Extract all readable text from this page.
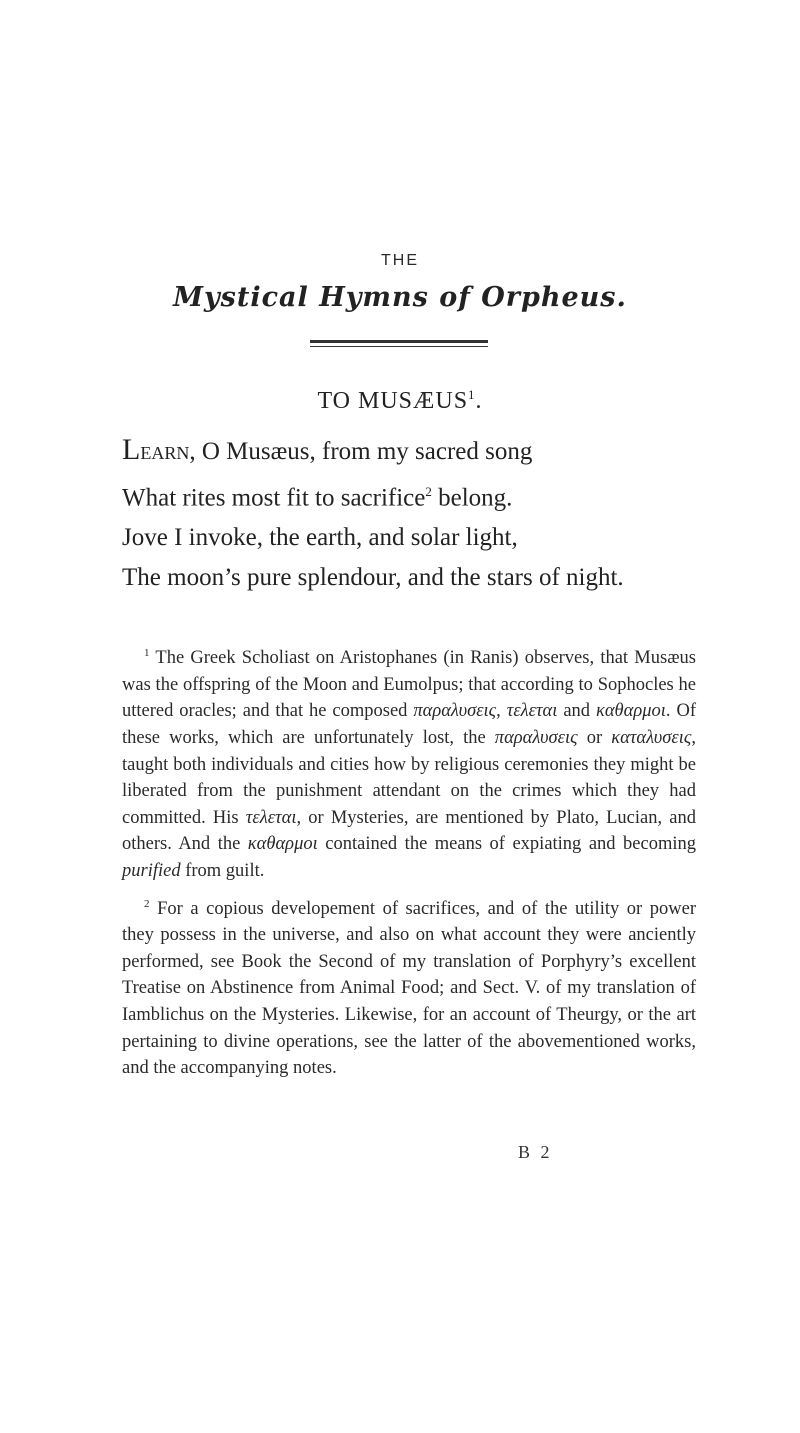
THE
Mystical Hymns of Orpheus.
TO MUSÆUS$^1$.
Learn, O Musæus, from my sacred song
What rites most fit to sacrifice$^2$ belong.
Jove I invoke, the earth, and solar light,
The moon’s pure splendour, and the stars of night.

$^1$ The Greek Scholiast on Aristophanes (in Ranis) observes, that Musæus was the offspring of the Moon and Eumolpus; that according to Sophocles he uttered oracles; and that he composed παραλυσεις, τελεται and καθαρμοι. Of these works, which are unfortunately lost, the παραλυσεις or καταλυσεις, taught both individuals and cities how by religious ceremonies they might be liberated from the punishment attendant on the crimes which they had committed. His τελεται, or Mysteries, are mentioned by Plato, Lucian, and others. And the καθαρμοι contained the means of expiating and becoming purified from guilt.

$^2$ For a copious developement of sacrifices, and of the utility or power they possess in the universe, and also on what account they were anciently performed, see Book the Second of my translation of Porphyry’s excellent Treatise on Abstinence from Animal Food; and Sect. V. of my translation of Iamblichus on the Mysteries. Likewise, for an account of Theurgy, or the art pertaining to divine operations, see the latter of the abovementioned works, and the accompanying notes.

B 2
